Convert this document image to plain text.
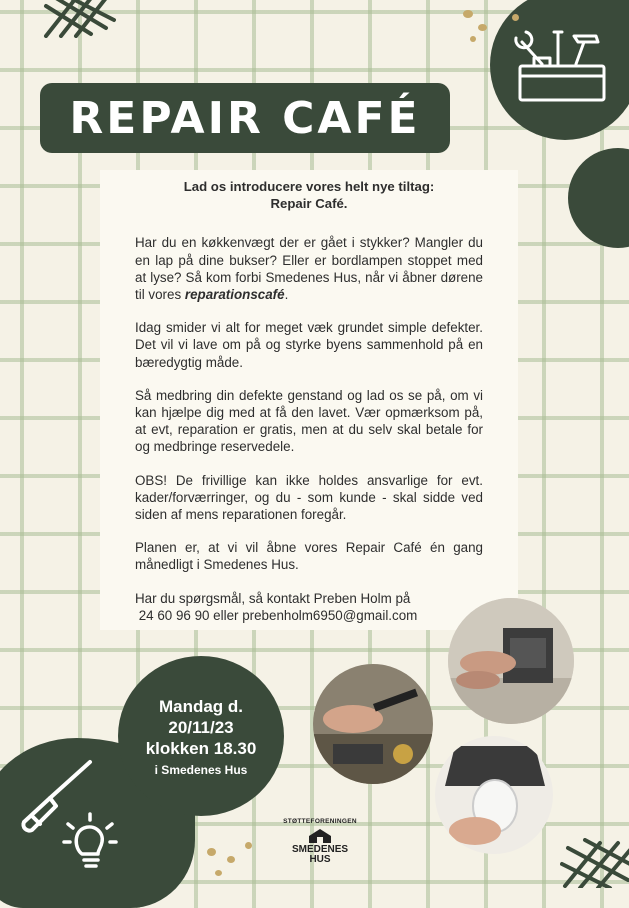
REPAIR CAFÉ
Lad os introducere vores helt nye tiltag:
Repair Café.

Har du en køkkenvægt der er gået i stykker? Mangler du en lap på dine bukser? Eller er bordlampen stoppet med at lyse? Så kom forbi Smedenes Hus, når vi åbner dørene til vores reparationscafé.

Idag smider vi alt for meget væk grundet simple defekter. Det vil vi lave om på og styrke byens sammenhold på en bæredygtig måde.

Så medbring din defekte genstand og lad os se på, om vi kan hjælpe dig med at få den lavet. Vær opmærksom på, at evt, reparation er gratis, men at du selv skal betale for og medbringe reservedele.

OBS! De frivillige kan ikke holdes ansvarlige for evt. kader/forværringer, og du - som kunde - skal sidde ved siden af mens reparationen foregår.

Planen er, at vi vil åbne vores Repair Café én gang månedligt i Smedenes Hus.

Har du spørgsmål, så kontakt Preben Holm på
24 60 96 90 eller prebenholm6950@gmail.com
Mandag d.
20/11/23
klokken 18.30
i Smedenes Hus
STØTTEFORENINGEN
SMEDENES
HUS
